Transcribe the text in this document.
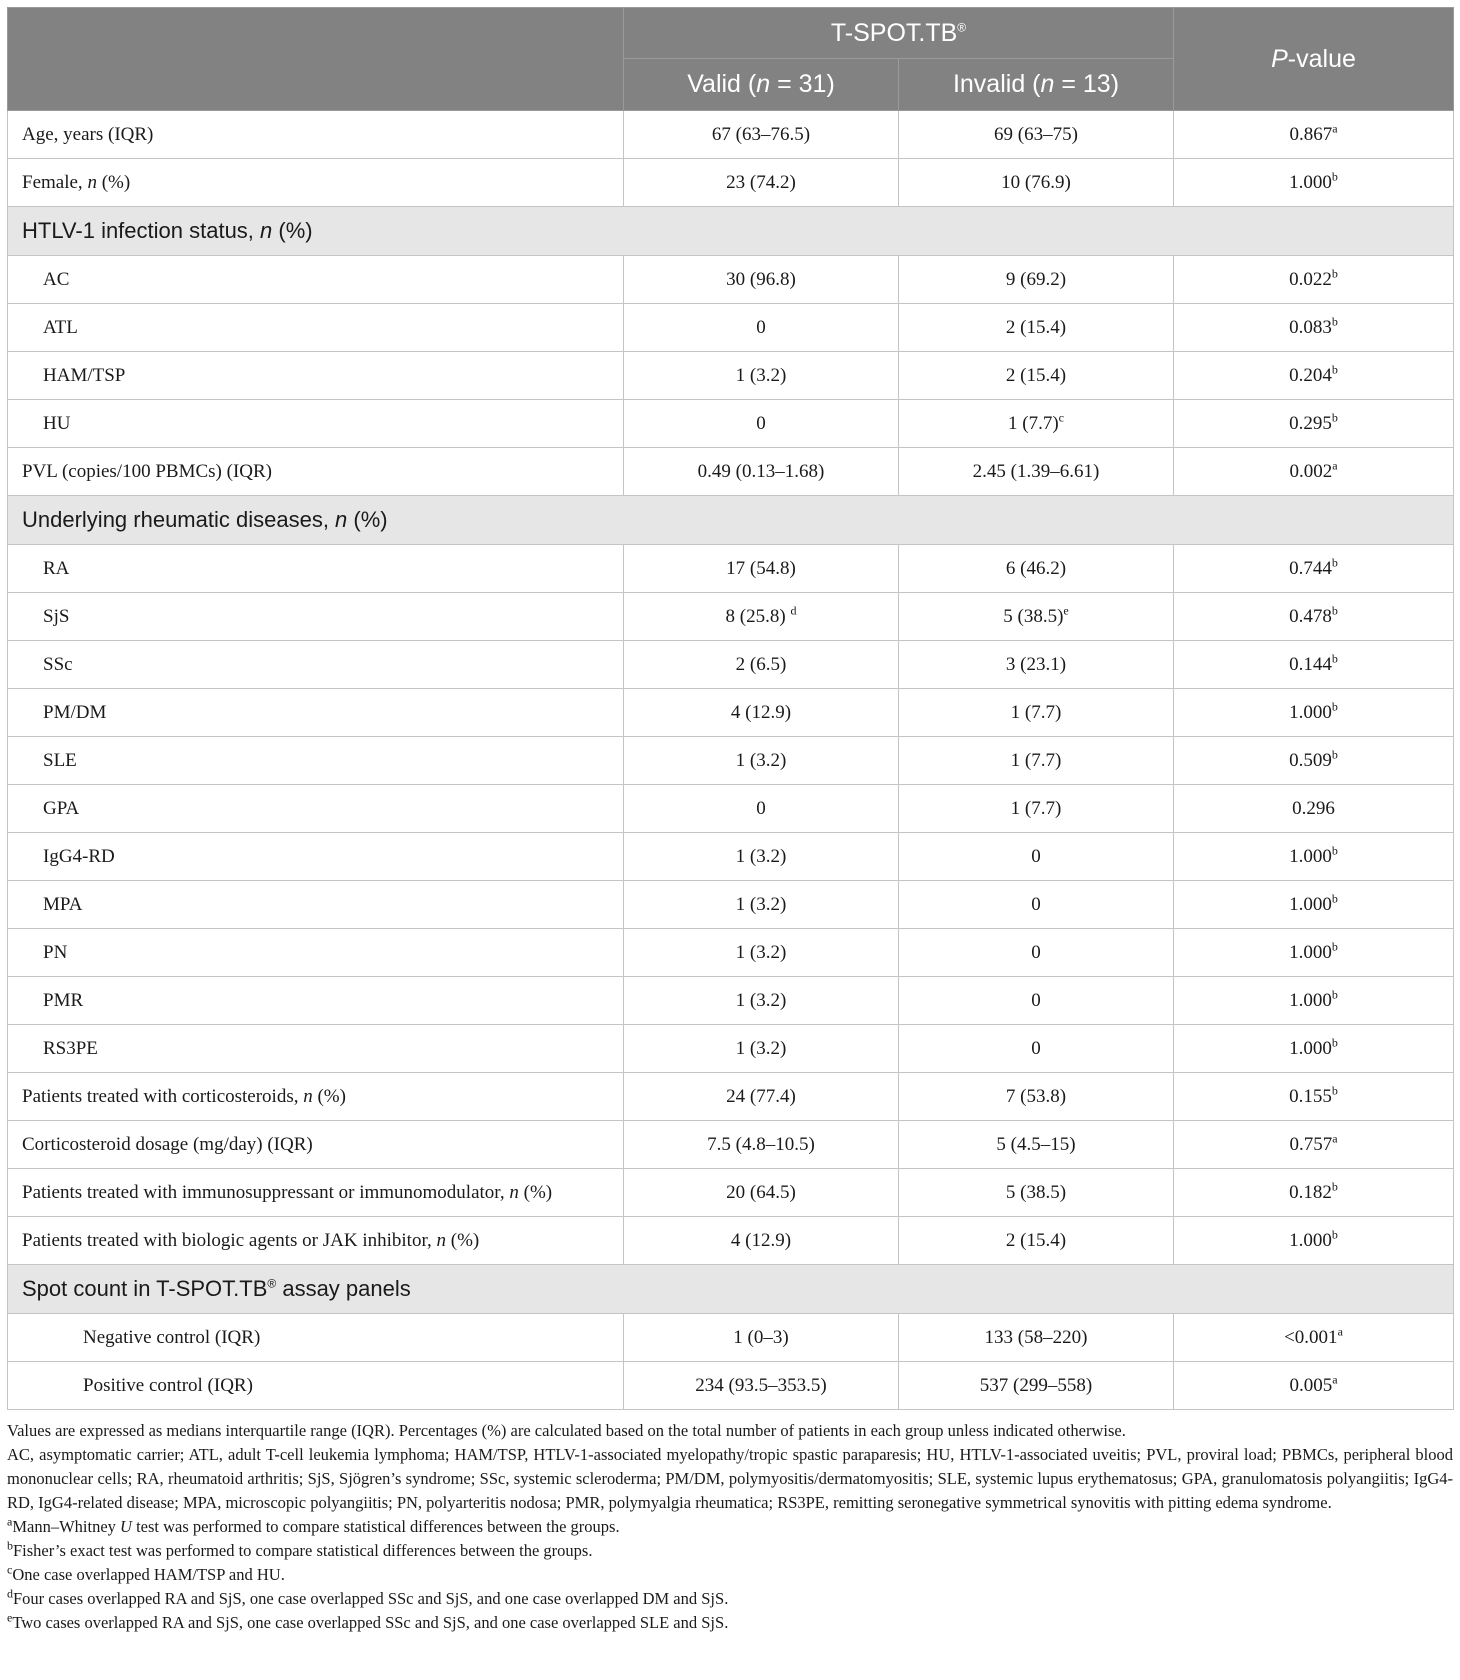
	T-SPOT.TB®		P-value
	Valid (n = 31)	Invalid (n = 13)	
Age, years (IQR)	67 (63–76.5)	69 (63–75)	0.867$^a$
Female, n (%)	23 (74.2)	10 (76.9)	1.000$^b$
HTLV-1 infection status, n (%)			
AC	30 (96.8)	9 (69.2)	0.022$^b$
ATL	0	2 (15.4)	0.083$^b$
HAM/TSP	1 (3.2)	2 (15.4)	0.204$^b$
HU	0	1 $(7.7)^c$	0.295$^b$
PVL (copies/100 PBMCs) (IQR)	0.49 (0.13–1.68)	2.45 (1.39–6.61)	0.002$^a$
Underlying rheumatic diseases, n (%)			
RA	17 (54.8)	6 (46.2)	0.744$^b$
SjS	8 (25.8) $^d$	5 $(38.5)^e$	0.478$^b$
SSc	2 (6.5)	3 (23.1)	0.144$^b$
PM/DM	4 (12.9)	1 (7.7)	1.000$^b$
SLE	1 (3.2)	1 (7.7)	0.509$^b$
GPA	0	1 (7.7)	0.296
IgG4-RD	1 (3.2)	0	1.000$^b$
MPA	1 (3.2)	0	1.000$^b$
PN	1 (3.2)	0	1.000$^b$
PMR	1 (3.2)	0	1.000$^b$
RS3PE	1 (3.2)	0	1.000$^b$
Patients treated with corticosteroids, n (%)	24 (77.4)	7 (53.8)	0.155$^b$
Corticosteroid dosage (mg/day) (IQR)	7.5 (4.8–10.5)	5 (4.5–15)	0.757$^a$
Patients treated with immunosuppressant or immunomodulator, n (%)	20 (64.5)	5 (38.5)	0.182$^b$
Patients treated with biologic agents or JAK inhibitor, n (%)	4 (12.9)	2 (15.4)	1.000$^b$
Spot count in T-SPOT.TB® assay panels			
Negative control (IQR)	1 (0–3)	133 (58–220)	<0.001$^a$
Positive control (IQR)	234 (93.5–353.5)	537 (299–558)	0.005$^a$

Values are expressed as medians interquartile range (IQR). Percentages (%) are calculated based on the total number of patients in each group unless indicated otherwise.

AC, asymptomatic carrier; ATL, adult T-cell leukemia lymphoma; HAM/TSP, HTLV-1-associated myelopathy/tropic spastic paraparesis; HU, HTLV-1-associated uveitis; PVL, proviral load; PBMCs, peripheral blood mononuclear cells; RA, rheumatoid arthritis; SjS, Sjögren’s syndrome; SSc, systemic scleroderma; PM/DM, polymyositis/dermatomyositis; SLE, systemic lupus erythematosus; GPA, granulomatosis polyangiitis; IgG4-RD, IgG4-related disease; MPA, microscopic polyangiitis; PN, polyarteritis nodosa; PMR, polymyalgia rheumatica; RS3PE, remitting seronegative symmetrical synovitis with pitting edema syndrome.

$^a$Mann–Whitney U test was performed to compare statistical differences between the groups.

$^b$Fisher’s exact test was performed to compare statistical differences between the groups.

$^c$One case overlapped HAM/TSP and HU.

$^d$Four cases overlapped RA and SjS, one case overlapped SSc and SjS, and one case overlapped DM and SjS.

$^e$Two cases overlapped RA and SjS, one case overlapped SSc and SjS, and one case overlapped SLE and SjS.
